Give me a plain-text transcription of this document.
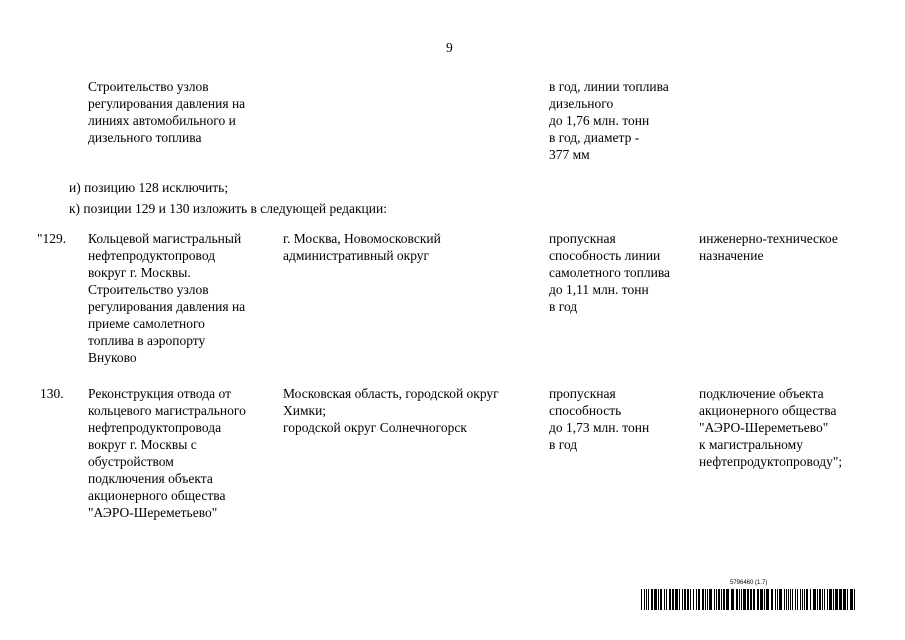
9
Строительство узлов
регулирования давления на
линиях автомобильного и
дизельного топлива
в год, линии топлива
дизельного
до 1,76 млн. тонн
в год, диаметр -
377 мм
и) позицию 128 исключить;
к) позиции 129 и 130 изложить в следующей редакции:
"129. Кольцевой магистральный
нефтепродуктопровод
вокруг г. Москвы.
Строительство узлов
регулирования давления на
приеме самолетного
топлива в аэропорту
Внуково
г. Москва, Новомосковский
административный округ
пропускная
способность линии
самолетного топлива
до 1,11 млн. тонн
в год
инженерно-техническое
назначение
130. Реконструкция отвода от
кольцевого магистрального
нефтепродуктопровода
вокруг г. Москвы с
обустройством
подключения объекта
акционерного общества
"АЭРО-Шереметьево"
Московская область, городской округ
Химки;
городской округ Солнечногорск
пропускная
способность
до 1,73 млн. тонн
в год
подключение объекта
акционерного общества
"АЭРО-Шереметьево"
к магистральному
нефтепродуктопроводу";
5796460 (1.7)
